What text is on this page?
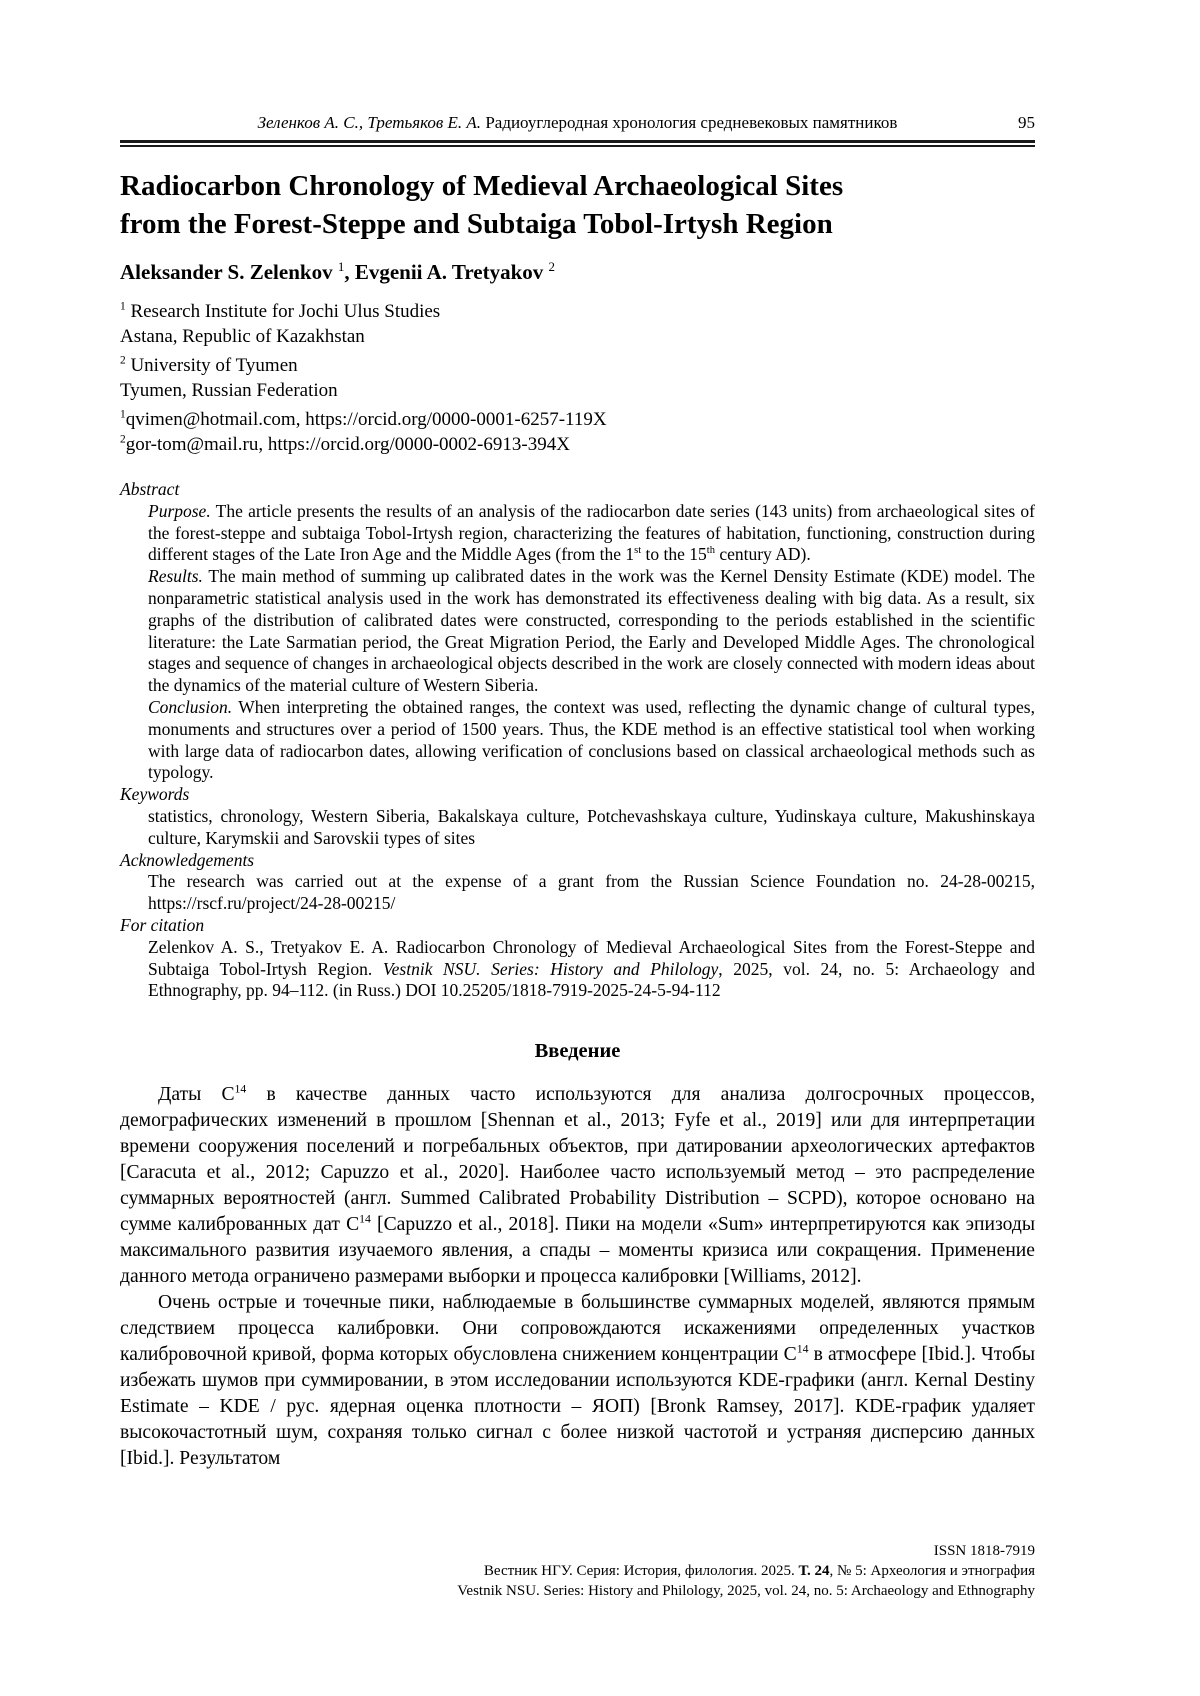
Зеленков А. С., Третьяков Е. А. Радиоуглеродная хронология средневековых памятников	95
Radiocarbon Chronology of Medieval Archaeological Sites
from the Forest-Steppe and Subtaiga Tobol-Irtysh Region
Aleksander S. Zelenkov $^1$, Evgenii A. Tretyakov $^2$

$^1$ Research Institute for Jochi Ulus Studies

Astana, Republic of Kazakhstan

$^2$ University of Tyumen

Tyumen, Russian Federation

$^1$qvimen@hotmail.com, https://orcid.org/0000-0001-6257-119X

$^2$gor-tom@mail.ru, https://orcid.org/0000-0002-6913-394X

Abstract

Purpose. The article presents the results of an analysis of the radiocarbon date series (143 units) from archaeological sites of the forest-steppe and subtaiga Tobol-Irtysh region, characterizing the features of habitation, functioning, construction during different stages of the Late Iron Age and the Middle Ages (from the 1st to the 15th century AD).

Results. The main method of summing up calibrated dates in the work was the Kernel Density Estimate (KDE) model. The nonparametric statistical analysis used in the work has demonstrated its effectiveness dealing with big data. As a result, six graphs of the distribution of calibrated dates were constructed, corresponding to the periods established in the scientific literature: the Late Sarmatian period, the Great Migration Period, the Early and Developed Middle Ages. The chronological stages and sequence of changes in archaeological objects described in the work are closely connected with modern ideas about the dynamics of the material culture of Western Siberia.

Conclusion. When interpreting the obtained ranges, the context was used, reflecting the dynamic change of cultural types, monuments and structures over a period of 1500 years. Thus, the KDE method is an effective statistical tool when working with large data of radiocarbon dates, allowing verification of conclusions based on classical archaeological methods such as typology.

Keywords

statistics, chronology, Western Siberia, Bakalskaya culture, Potchevashskaya culture, Yudinskaya culture, Makushinskaya culture, Karymskii and Sarovskii types of sites

Acknowledgements

The research was carried out at the expense of a grant from the Russian Science Foundation no. 24-28-00215, https://rscf.ru/project/24-28-00215/

For citation

Zelenkov A. S., Tretyakov E. A. Radiocarbon Chronology of Medieval Archaeological Sites from the Forest-Steppe and Subtaiga Tobol-Irtysh Region. Vestnik NSU. Series: History and Philology, 2025, vol. 24, no. 5: Archaeology and Ethnography, pp. 94–112. (in Russ.) DOI 10.25205/1818-7919-2025-24-5-94-112

Введение

Даты $C^{14}$ в качестве данных часто используются для анализа долгосрочных процессов, демографических изменений в прошлом [Shennan et al., 2013; Fyfe et al., 2019] или для интерпретации времени сооружения поселений и погребальных объектов, при датировании археологических артефактов [Caracuta et al., 2012; Capuzzo et al., 2020]. Наиболее часто используемый метод – это распределение суммарных вероятностей (англ. Summed Calibrated Probability Distribution – SCPD), которое основано на сумме калиброванных дат $C^{14}$ [Capuzzo et al., 2018]. Пики на модели «Sum» интерпретируются как эпизоды максимального развития изучаемого явления, а спады – моменты кризиса или сокращения. Применение данного метода ограничено размерами выборки и процесса калибровки [Williams, 2012].

Очень острые и точечные пики, наблюдаемые в большинстве суммарных моделей, являются прямым следствием процесса калибровки. Они сопровождаются искажениями определенных участков калибровочной кривой, форма которых обусловлена снижением концентрации $C^{14}$ в атмосфере [Ibid.]. Чтобы избежать шумов при суммировании, в этом исследовании используются KDE-графики (англ. Kernal Destiny Estimate – KDE / рус. ядерная оценка плотности – ЯОП) [Bronk Ramsey, 2017]. KDE-график удаляет высокочастотный шум, сохраняя только сигнал с более низкой частотой и устраняя дисперсию данных [Ibid.]. Результатом

ISSN 1818-7919
Вестник НГУ. Серия: История, филология. 2025. Т. 24, № 5: Археология и этнография
Vestnik NSU. Series: History and Philology, 2025, vol. 24, no. 5: Archaeology and Ethnography
